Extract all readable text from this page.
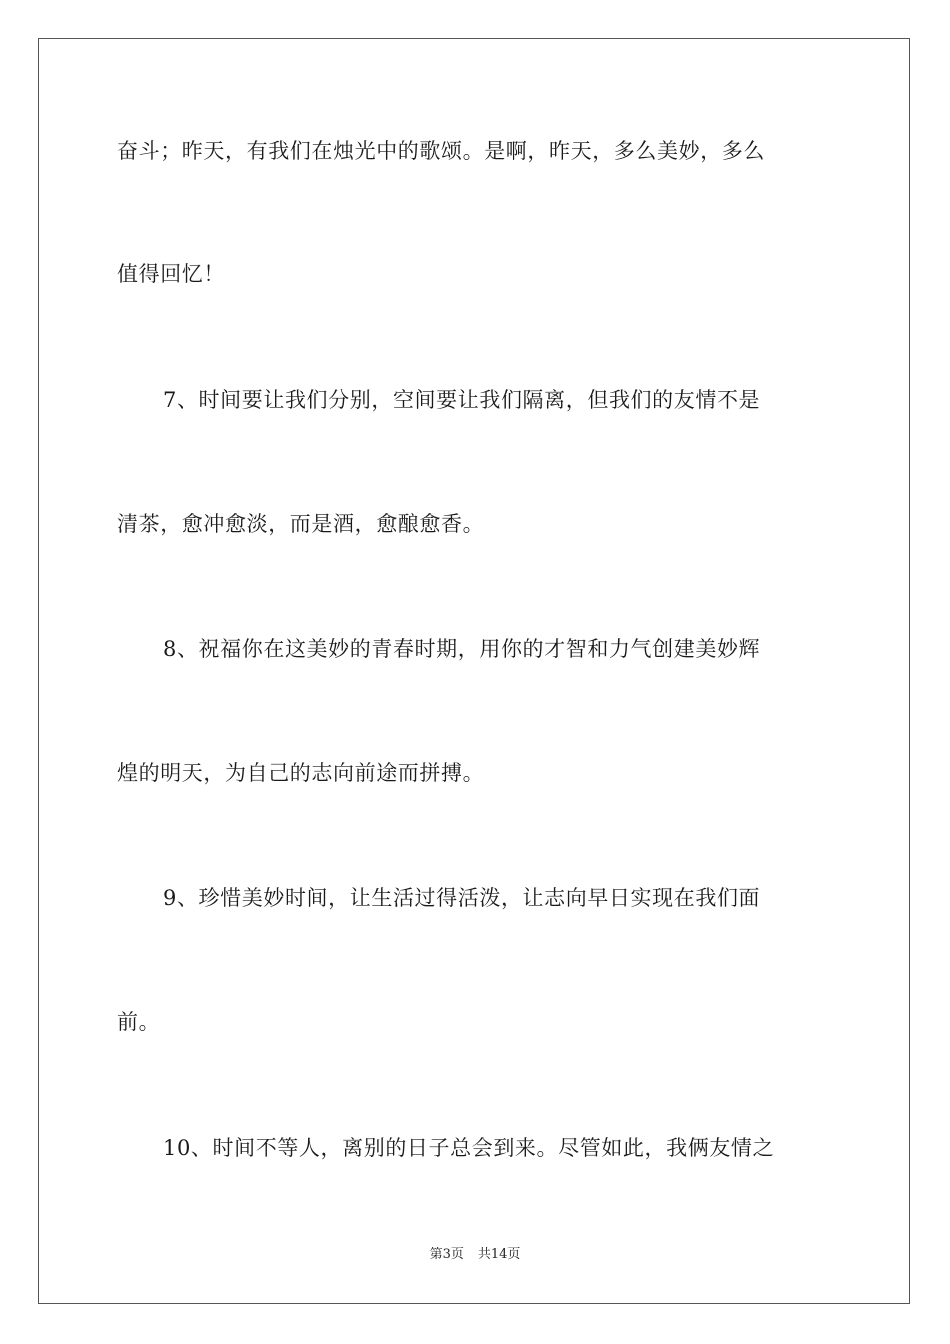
奋斗；昨天，有我们在烛光中的歌颂。是啊，昨天，多么美妙，多么
值得回忆！
7、时间要让我们分别，空间要让我们隔离，但我们的友情不是
清茶，愈冲愈淡，而是酒，愈酿愈香。
8、祝福你在这美妙的青春时期，用你的才智和力气创建美妙辉
煌的明天，为自己的志向前途而拼搏。
9、珍惜美妙时间，让生活过得活泼，让志向早日实现在我们面
前。
10、时间不等人，离别的日子总会到来。尽管如此，我俩友情之
第3页 共14页
